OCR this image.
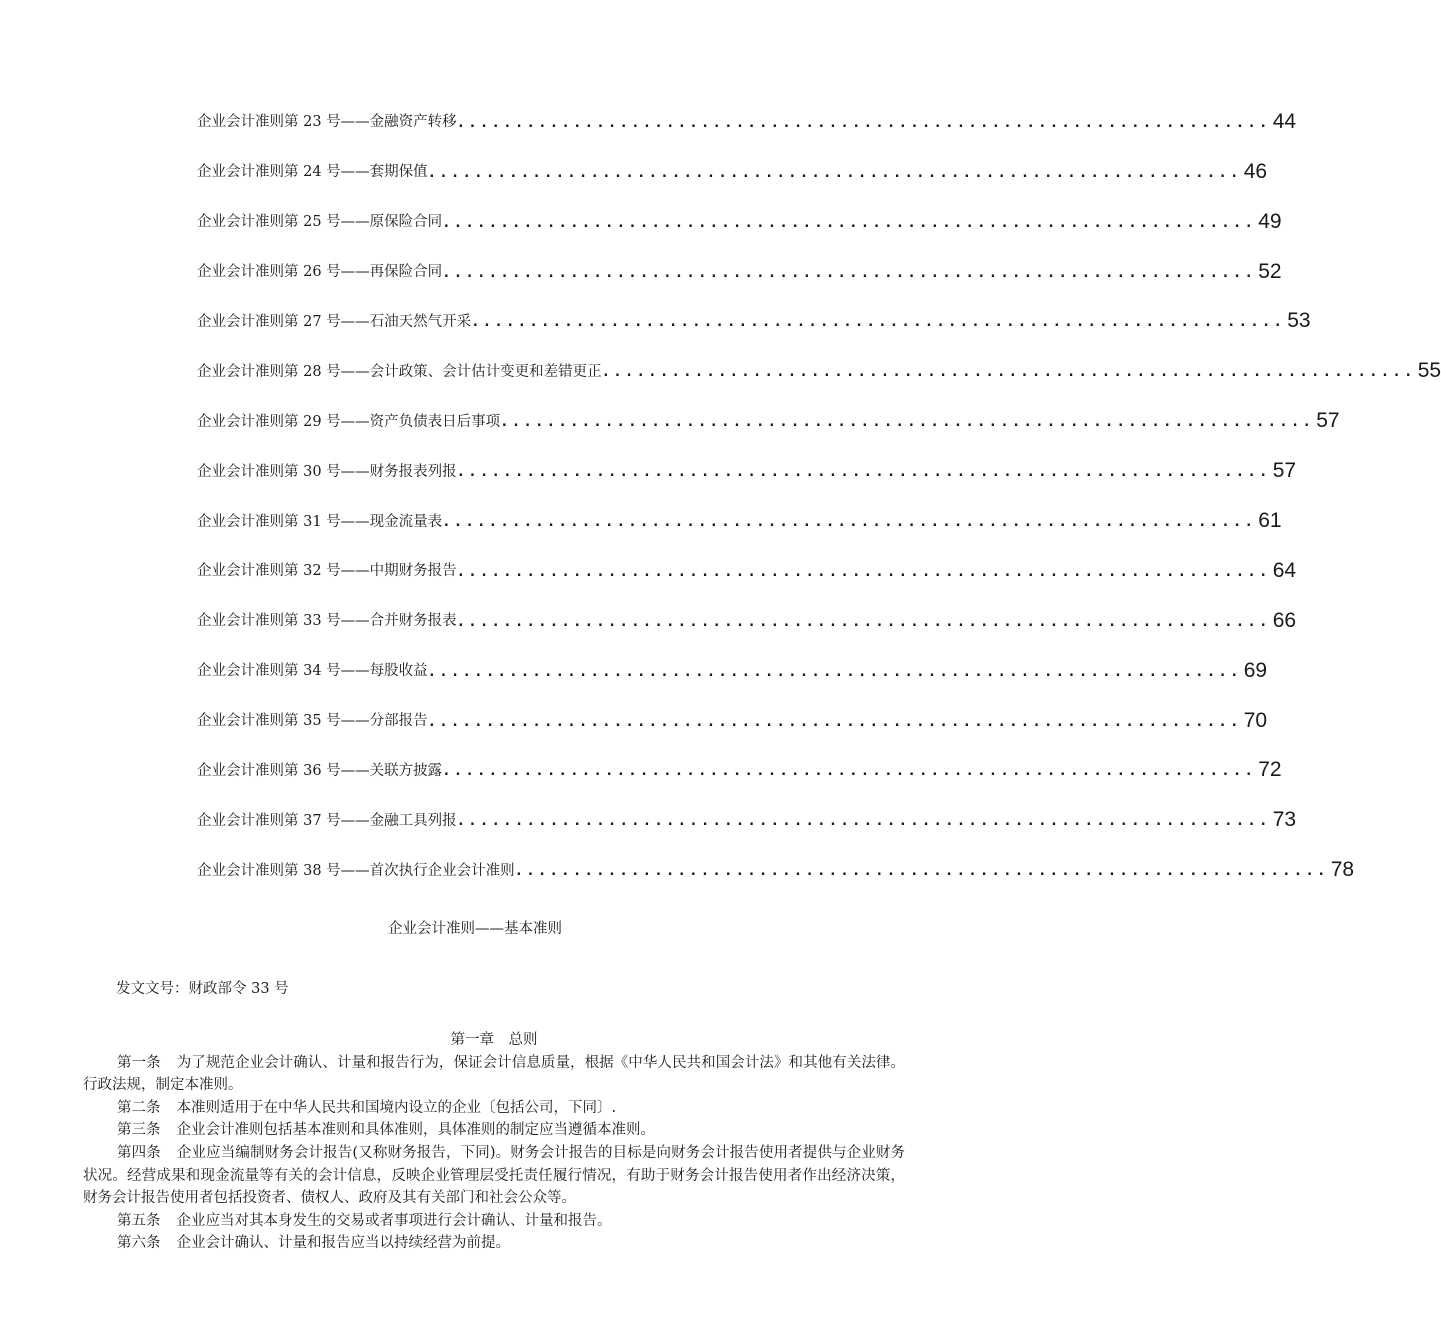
企业会计准则第 23 号——金融资产转移 ...................................................................... 44
企业会计准则第 24 号——套期保值 ...................................................................... 46
企业会计准则第 25 号——原保险合同 ...................................................................... 49
企业会计准则第 26 号——再保险合同 ...................................................................... 52
企业会计准则第 27 号——石油天然气开采 ...................................................................... 53
企业会计准则第 28 号——会计政策、会计估计变更和差错更正 ...................................................................... 55
企业会计准则第 29 号——资产负债表日后事项 ...................................................................... 57
企业会计准则第 30 号——财务报表列报 ...................................................................... 57
企业会计准则第 31 号——现金流量表 ...................................................................... 61
企业会计准则第 32 号——中期财务报告 ...................................................................... 64
企业会计准则第 33 号——合并财务报表 ...................................................................... 66
企业会计准则第 34 号——每股收益 ...................................................................... 69
企业会计准则第 35 号——分部报告 ...................................................................... 70
企业会计准则第 36 号——关联方披露 ...................................................................... 72
企业会计准则第 37 号——金融工具列报 ...................................................................... 73
企业会计准则第 38 号——首次执行企业会计准则 ...................................................................... 78
企业会计准则——基本准则
发文文号：财政部令 33 号
第一章　总则

第一条 为了规范企业会计确认、计量和报告行为，保证会计信息质量，根据《中华人民共和国会计法》和其他有关法律。行政法规，制定本准则。

第二条 本准则适用于在中华人民共和国境内设立的企业〔包括公司，下同〕.

第三条 企业会计准则包括基本准则和具体准则，具体准则的制定应当遵循本准则。

第四条 企业应当编制财务会计报告(又称财务报告，下同)。财务会计报告的目标是向财务会计报告使用者提供与企业财务状况。经营成果和现金流量等有关的会计信息，反映企业管理层受托责任履行情况，有助于财务会计报告使用者作出经济决策，财务会计报告使用者包括投资者、债权人、政府及其有关部门和社会公众等。

第五条 企业应当对其本身发生的交易或者事项进行会计确认、计量和报告。

第六条 企业会计确认、计量和报告应当以持续经营为前提。
